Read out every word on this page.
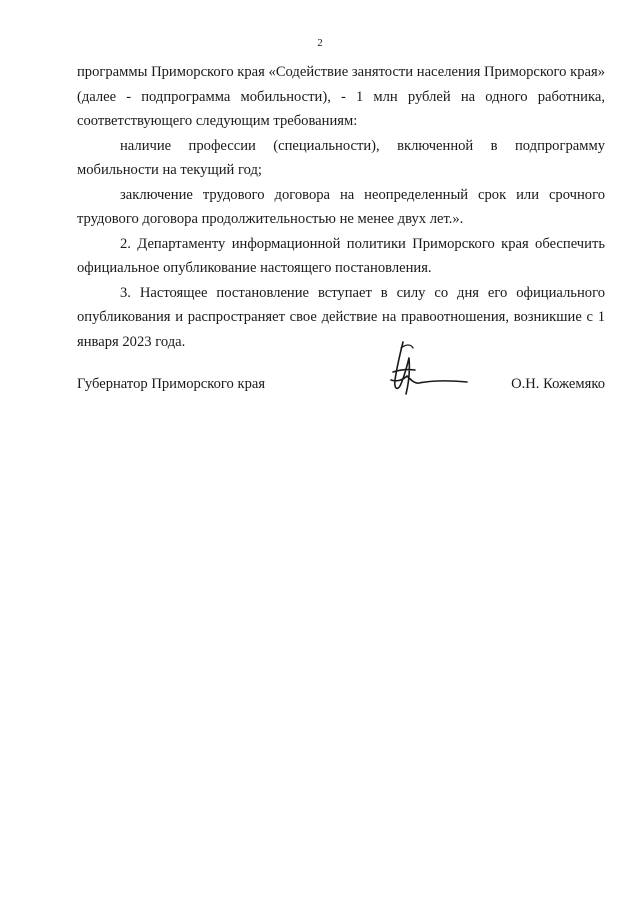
2

программы Приморского края «Содействие занятости населения Приморского края» (далее - подпрограмма мобильности), - 1 млн рублей на одного работника, соответствующего следующим требованиям:

наличие профессии (специальности), включенной в подпрограмму мобильности на текущий год;

заключение трудового договора на неопределенный срок или срочного трудового договора продолжительностью не менее двух лет.».

2. Департаменту информационной политики Приморского края обеспечить официальное опубликование настоящего постановления.

3. Настоящее постановление вступает в силу со дня его официального опубликования и распространяет свое действие на правоотношения, возникшие с 1 января 2023 года.

Губернатор Приморского края	О.Н. Кожемяко
